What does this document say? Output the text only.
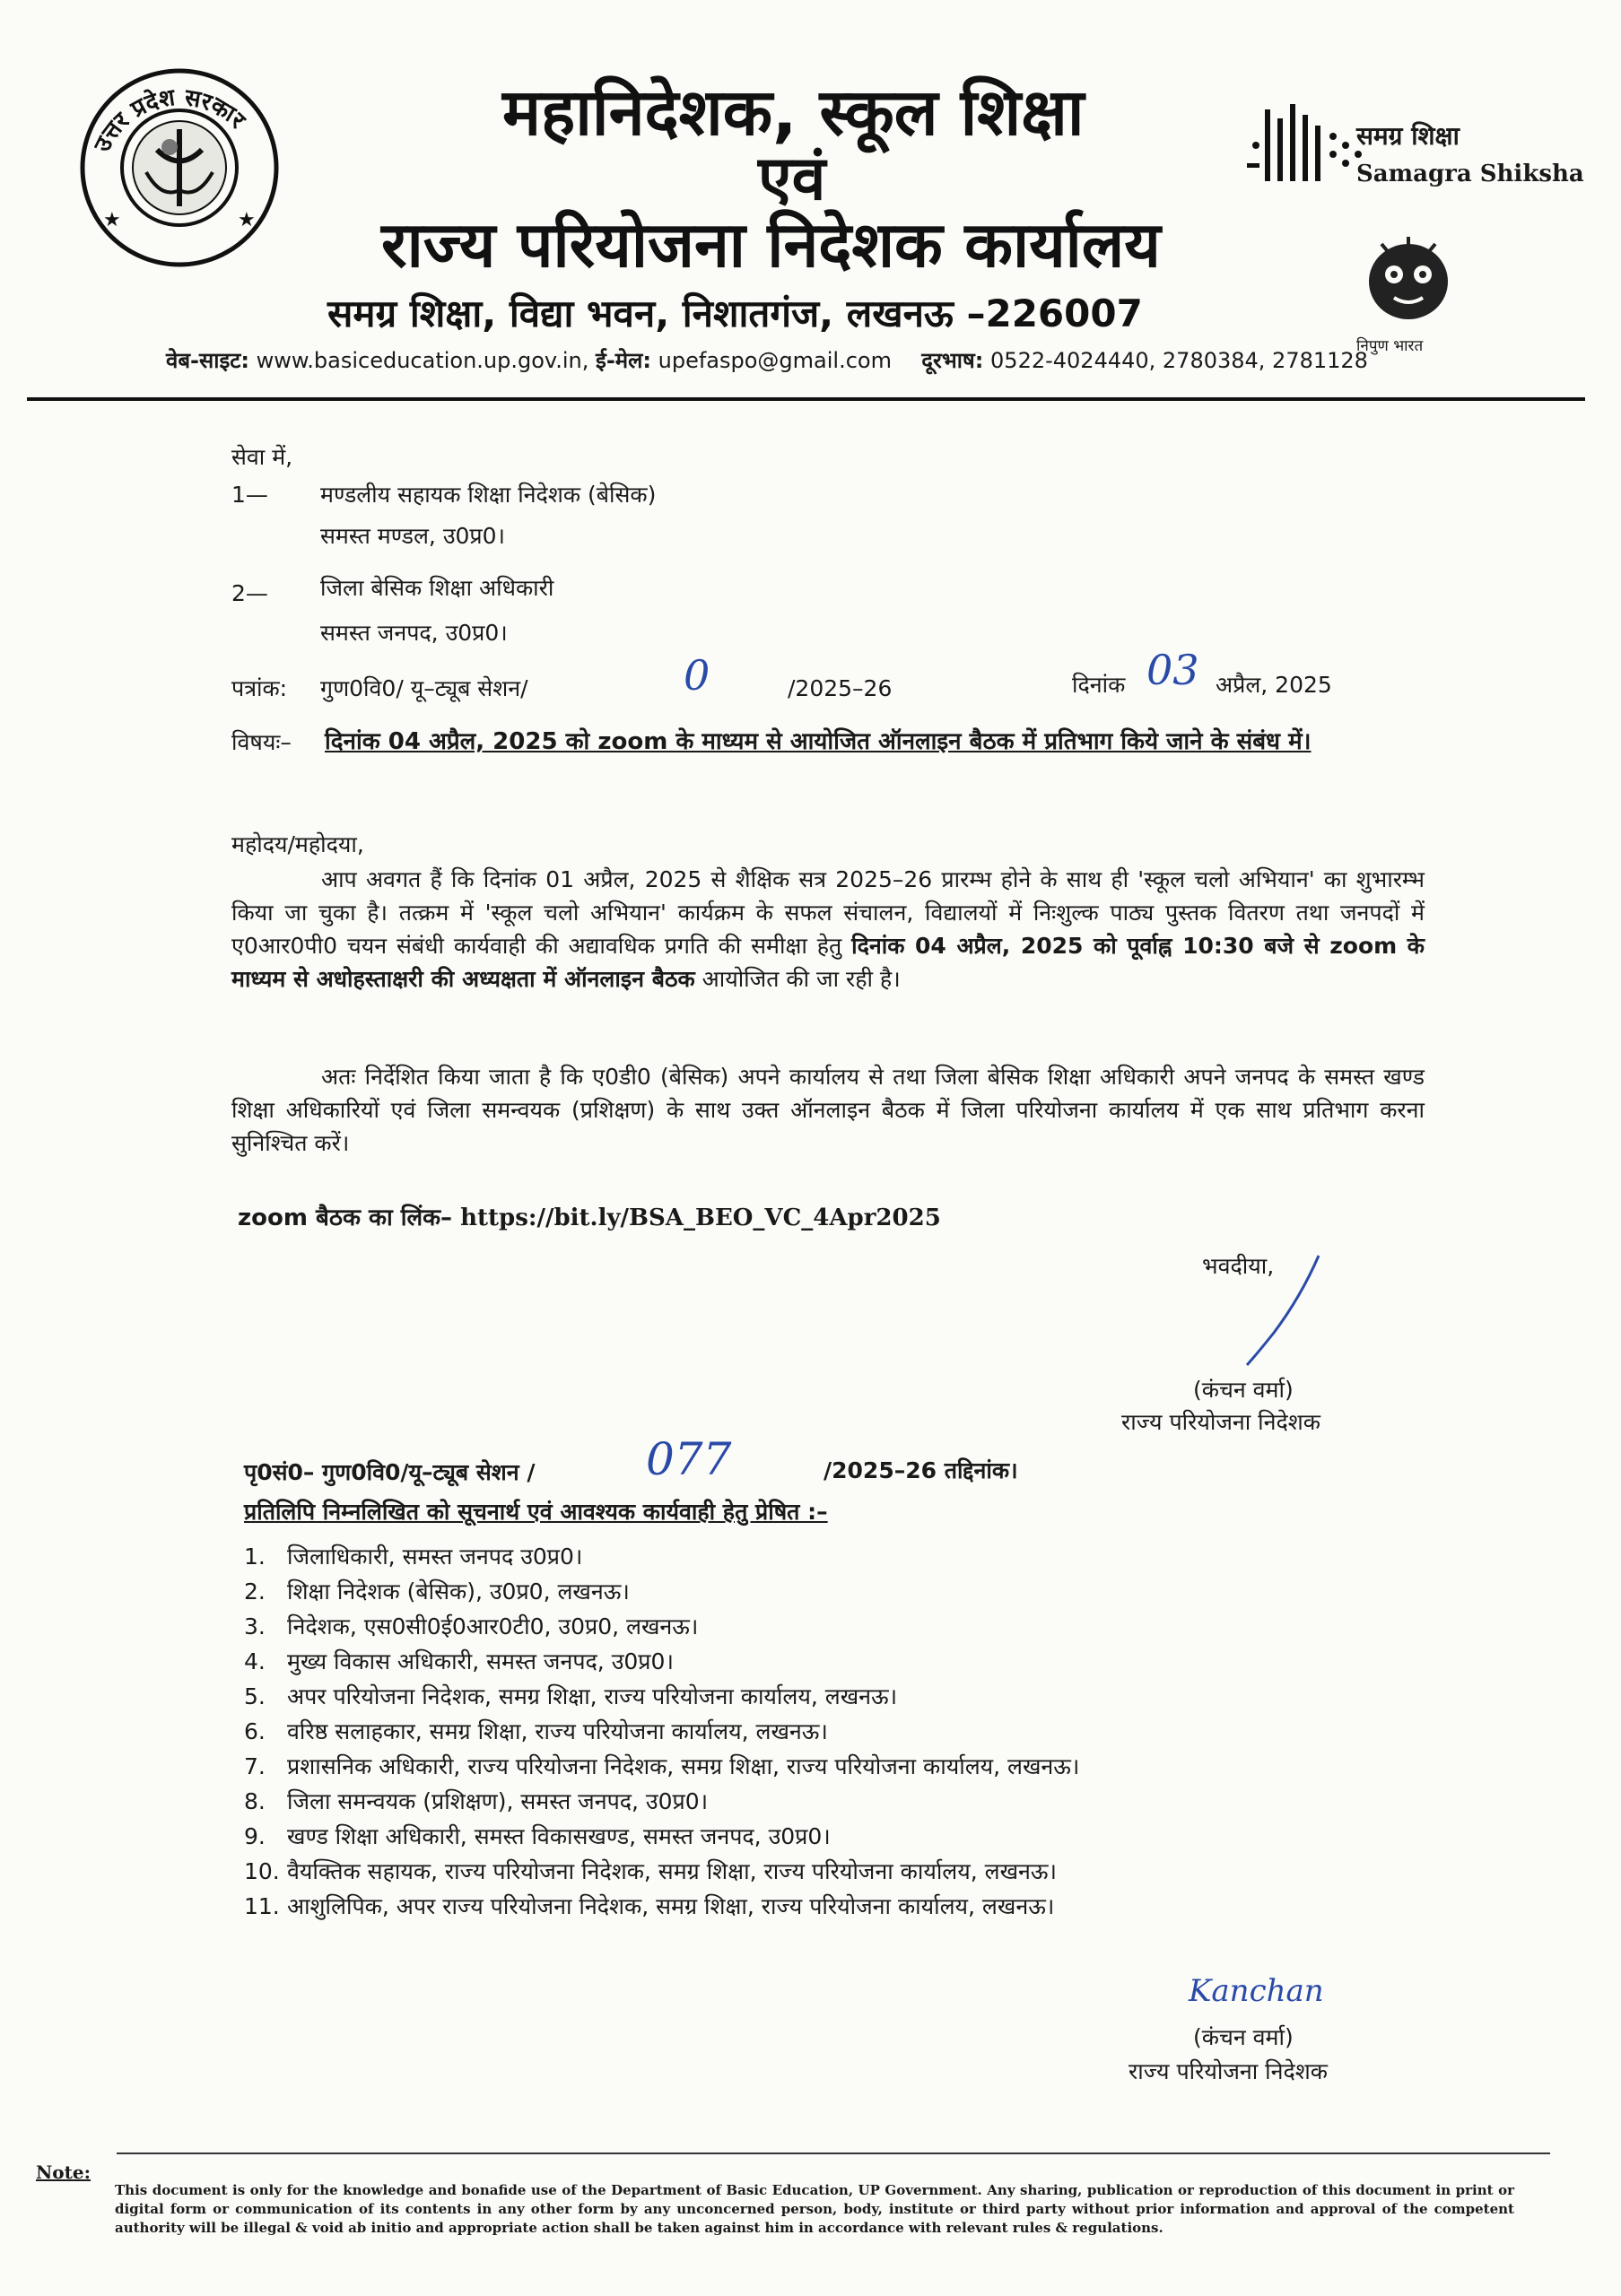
★	★
उत्तर प्रदेश सरकार
समग्र शिक्षा
Samagra Shiksha
निपुण भारत
महानिदेशक, स्कूल शिक्षा
एवं
राज्य परियोजना निदेशक कार्यालय
समग्र शिक्षा, विद्या भवन, निशातगंज, लखनऊ –226007
वेब-साइट: www.basiceducation.up.gov.in, ई-मेल: upefaspo@gmail.com दूरभाष: 0522-4024440, 2780384, 2781128
सेवा में,
1— मण्डलीय सहायक शिक्षा निदेशक (बेसिक)
समस्त मण्डल, उ0प्र0।
2— जिला बेसिक शिक्षा अधिकारी
समस्त जनपद, उ0प्र0।
पत्रांक: गुण0वि0/ यू–ट्यूब सेशन/	0	/2025–26	दिनांक 03 अप्रैल, 2025
विषयः– दिनांक 04 अप्रैल, 2025 को zoom के माध्यम से आयोजित ऑनलाइन बैठक में प्रतिभाग किये जाने के संबंध में।
महोदय/महोदया,
आप अवगत हैं कि दिनांक 01 अप्रैल, 2025 से शैक्षिक सत्र 2025–26 प्रारम्भ होने के साथ ही 'स्कूल चलो अभियान' का शुभारम्भ किया जा चुका है। तत्क्रम में 'स्कूल चलो अभियान' कार्यक्रम के सफल संचालन, विद्यालयों में निःशुल्क पाठ्य पुस्तक वितरण तथा जनपदों में ए0आर0पी0 चयन संबंधी कार्यवाही की अद्यावधिक प्रगति की समीक्षा हेतु दिनांक 04 अप्रैल, 2025 को पूर्वाह्न 10:30 बजे से zoom के माध्यम से अधोहस्ताक्षरी की अध्यक्षता में ऑनलाइन बैठक आयोजित की जा रही है।
अतः निर्देशित किया जाता है कि ए0डी0 (बेसिक) अपने कार्यालय से तथा जिला बेसिक शिक्षा अधिकारी अपने जनपद के समस्त खण्ड शिक्षा अधिकारियों एवं जिला समन्वयक (प्रशिक्षण) के साथ उक्त ऑनलाइन बैठक में जिला परियोजना कार्यालय में एक साथ प्रतिभाग करना सुनिश्चित करें।
zoom बैठक का लिंक– https://bit.ly/BSA_BEO_VC_4Apr2025
भवदीया,
(कंचन वर्मा)
राज्य परियोजना निदेशक
पृ0सं0– गुण0वि0/यू–ट्यूब सेशन / 077	/2025–26 तद्दिनांक।
प्रतिलिपि निम्नलिखित को सूचनार्थ एवं आवश्यक कार्यवाही हेतु प्रेषित :–
1. जिलाधिकारी, समस्त जनपद उ0प्र0।
2. शिक्षा निदेशक (बेसिक), उ0प्र0, लखनऊ।
3. निदेशक, एस0सी0ई0आर0टी0, उ0प्र0, लखनऊ।
4. मुख्य विकास अधिकारी, समस्त जनपद, उ0प्र0।
5. अपर परियोजना निदेशक, समग्र शिक्षा, राज्य परियोजना कार्यालय, लखनऊ।
6. वरिष्ठ सलाहकार, समग्र शिक्षा, राज्य परियोजना कार्यालय, लखनऊ।
7. प्रशासनिक अधिकारी, राज्य परियोजना निदेशक, समग्र शिक्षा, राज्य परियोजना कार्यालय, लखनऊ।
8. जिला समन्वयक (प्रशिक्षण), समस्त जनपद, उ0प्र0।
9. खण्ड शिक्षा अधिकारी, समस्त विकासखण्ड, समस्त जनपद, उ0प्र0।
10. वैयक्तिक सहायक, राज्य परियोजना निदेशक, समग्र शिक्षा, राज्य परियोजना कार्यालय, लखनऊ।
11. आशुलिपिक, अपर राज्य परियोजना निदेशक, समग्र शिक्षा, राज्य परियोजना कार्यालय, लखनऊ।
Kanchan
(कंचन वर्मा)
राज्य परियोजना निदेशक
Note:
This document is only for the knowledge and bonafide use of the Department of Basic Education, UP Government. Any sharing, publication or reproduction of this document in print or digital form or communication of its contents in any other form by any unconcerned person, body, institute or third party without prior information and approval of the competent authority will be illegal & void ab initio and appropriate action shall be taken against him in accordance with relevant rules & regulations.
